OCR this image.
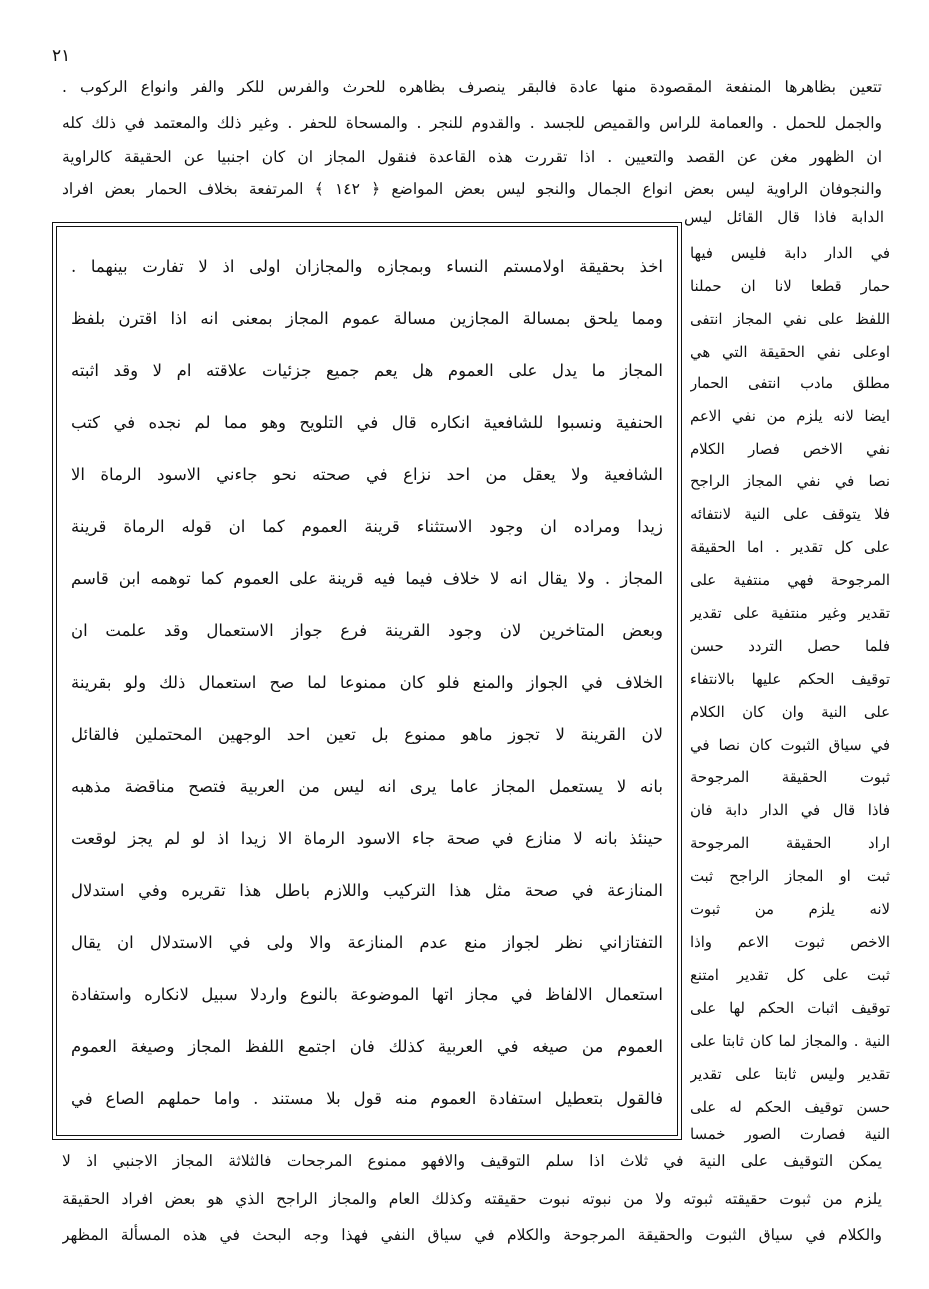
٢١
تتعين بظاهرها المنفعة المقصودة منها عادة فالبقر ينصرف بظاهره للحرث والفرس للكر والفر وانواع الركوب .
والجمل للحمل . والعمامة للراس والقميص للجسد . والقدوم للنجر . والمسحاة للحفر . وغير ذلك والمعتمد في ذلك كله
ان الظهور مغن عن القصد والتعيين . اذا تقررت هذه القاعدة فنقول المجاز ان كان اجنبيا عن الحقيقة كالراوية
والنجوفان الراوية ليس بعض انواع الجمال والنجو ليس بعض المواضع ﴿ ١٤٢ ﴾ المرتفعة بخلاف الحمار بعض افراد
الدابة فاذا قال القائل ليس
اخذ بحقيقة اولامستم النساء وبمجازه والمجازان اولى اذ لا تفارت بينهما .
ومما يلحق بمسالة المجازين مسالة عموم المجاز بمعنى انه اذا اقترن بلفظ
المجاز ما يدل على العموم هل يعم جميع جزئيات علاقته ام لا وقد اثبته
الحنفية ونسبوا للشافعية انكاره قال في التلويح وهو مما لم نجده في كتب
الشافعية ولا يعقل من احد نزاع في صحته نحو جاءني الاسود الرماة الا
زيدا ومراده ان وجود الاستثناء قرينة العموم كما ان قوله الرماة قرينة
المجاز . ولا يقال انه لا خلاف فيما فيه قرينة على العموم كما توهمه ابن قاسم
وبعض المتاخرين لان وجود القرينة فرع جواز الاستعمال وقد علمت ان
الخلاف في الجواز والمنع فلو كان ممنوعا لما صح استعمال ذلك ولو بقرينة
لان القرينة لا تجوز ماهو ممنوع بل تعين احد الوجهين المحتملين فالقائل
بانه لا يستعمل المجاز عاما يرى انه ليس من العربية فتصح مناقضة مذهبه
حينئذ بانه لا منازع في صحة جاء الاسود الرماة الا زيدا اذ لو لم يجز لوقعت
المنازعة في صحة مثل هذا التركيب واللازم باطل هذا تقريره وفي استدلال
التفتازاني نظر لجواز منع عدم المنازعة والا ولى في الاستدلال ان يقال
استعمال الالفاظ في مجاز اتها الموضوعة بالنوع واردلا سبيل لانكاره واستفادة
العموم من صيغه في العربية كذلك فان اجتمع اللفظ المجاز وصيغة العموم
فالقول بتعطيل استفادة العموم منه قول بلا مستند . واما حملهم الصاع في
في الدار دابة فليس فيها
حمار قطعا لانا ان حملنا
اللفظ على نفي المجاز انتفى
اوعلى نفي الحقيقة التي هي
مطلق مادب انتفى الحمار
ايضا لانه يلزم من نفي الاعم
نفي الاخص فصار الكلام
نصا في نفي المجاز الراجح
فلا يتوقف على النية لانتفائه
على كل تقدير . اما الحقيقة
المرجوحة فهي منتفية على
تقدير وغير منتفية على تقدير
فلما حصل التردد حسن
توقيف الحكم عليها بالانتفاء
على النية وان كان الكلام
في سياق الثبوت كان نصا في
ثبوت الحقيقة المرجوحة
فاذا قال في الدار دابة فان
اراد الحقيقة المرجوحة
ثبت او المجاز الراجح ثبت
لانه يلزم من ثبوت
الاخص ثبوت الاعم واذا
ثبت على كل تقدير امتنع
توقيف اثبات الحكم لها على
النية . والمجاز لما كان ثابتا على
تقدير وليس ثابتا على تقدير
حسن توقيف الحكم له على
النية فصارت الصور خمسا
يمكن التوقيف على النية في ثلاث اذا سلم التوقيف والافهو ممنوع المرجحات فالثلاثة المجاز الاجنبي اذ لا
يلزم من ثبوت حقيقته ثبوته ولا من نبوته نبوت حقيقته وكذلك العام والمجاز الراجح الذي هو بعض افراد الحقيقة
والكلام في سياق الثبوت والحقيقة المرجوحة والكلام في سياق النفي فهذا وجه البحث في هذه المسألة المظهر
